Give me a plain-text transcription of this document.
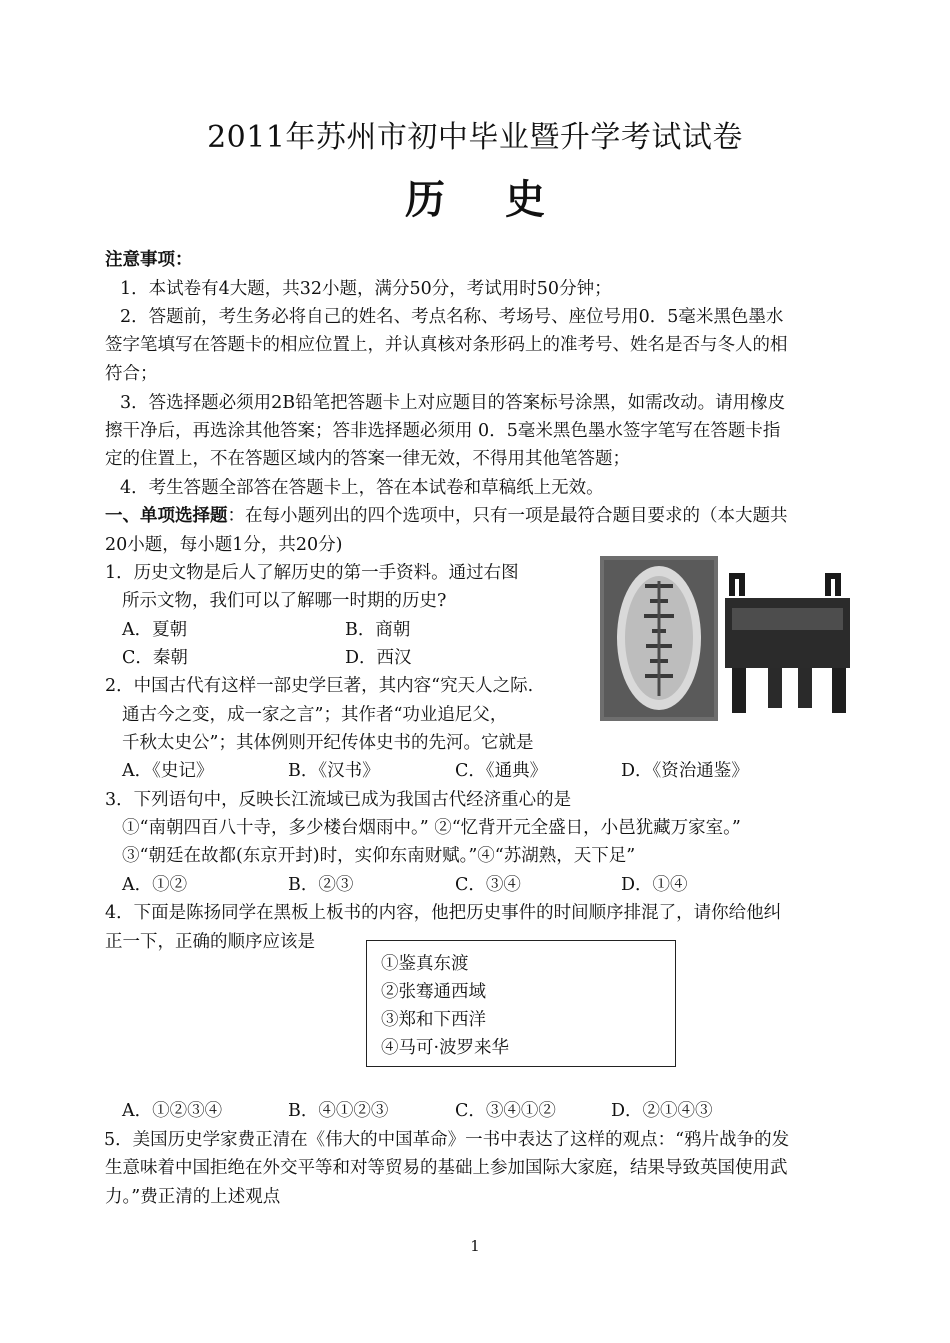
2011年苏州市初中毕业暨升学考试试卷
历史
注意事项：
1．本试卷有4大题，共32小题，满分50分，考试用时50分钟；
2．答题前，考生务必将自己的姓名、考点名称、考场号、座位号用0．5毫米黑色墨水
签字笔填写在答题卡的相应位置上，并认真核对条形码上的准考号、姓名是否与冬人的相
符合；
3．答选择题必须用2B铅笔把答题卡上对应题目的答案标号涂黑，如需改动。请用橡皮
擦干净后，再选涂其他答案；答非选择题必须用 0．5毫米黑色墨水签字笔写在答题卡指
定的住置上，不在答题区域内的答案一律无效，不得用其他笔答题；
4．考生答题全部答在答题卡上，答在本试卷和草稿纸上无效。
一、单项选择题：在每小题列出的四个选项中，只有一项是最符合题目要求的（本大题共
20小题，每小题1分，共20分)
1．历史文物是后人了解历史的第一手资料。通过右图
所示文物，我们可以了解哪一时期的历史?
A．夏朝	B．商朝
C．秦朝	D．西汉
2．中国古代有这样一部史学巨著，其内容“究天人之际.
通古今之变，成一家之言”；其作者“功业追尼父，
千秋太史公”；其体例则开纪传体史书的先河。它就是
A．《史记》	B．《汉书》	C．《通典》	D．《资治通鉴》
3．下列语句中，反映长江流域已成为我国古代经济重心的是
①“南朝四百八十寺，多少楼台烟雨中。” ②“忆背开元全盛日，小邑犹藏万家室。”
③“朝廷在故都(东京开封)时，实仰东南财赋。”④“苏湖熟，天下足”
A．①②	B．②③	C．③④	D．①④
4．下面是陈扬同学在黑板上板书的内容，他把历史事件的时间顺序排混了，请你给他纠
正一下，正确的顺序应该是
①鉴真东渡
②张骞通西域
③郑和下西洋
④马可·波罗来华
A．①②③④	B．④①②③	C．③④①②	D．②①④③
5．美国历史学家费正清在《伟大的中国革命》一书中表达了这样的观点：“鸦片战争的发
生意味着中国拒绝在外交平等和对等贸易的基础上参加国际大家庭，结果导致英国使用武
力。”费正清的上述观点
1
